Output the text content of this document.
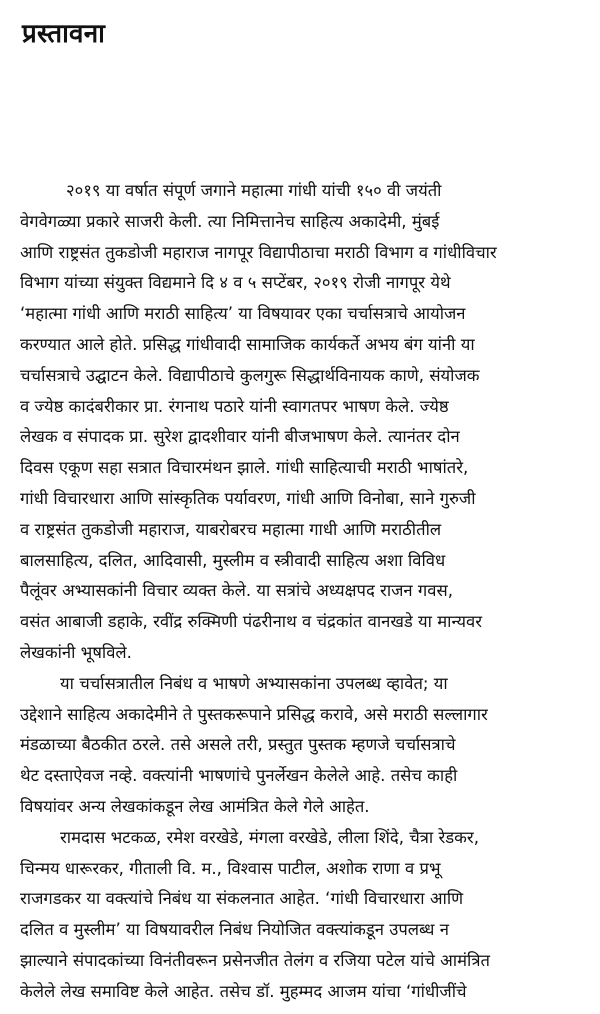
प्रस्तावना
२०१९ या वर्षात संपूर्ण जगाने महात्मा गांधी यांची १५० वी जयंती
वेगवेगळ्या प्रकारे साजरी केली. त्या निमित्तानेच साहित्य अकादेमी, मुंबई
आणि राष्ट्रसंत तुकडोजी महाराज नागपूर विद्यापीठाचा मराठी विभाग व गांधीविचार
विभाग यांच्या संयुक्त विद्यमाने दि ४ व ५ सप्टेंबर, २०१९ रोजी नागपूर येथे
‘महात्मा गांधी आणि मराठी साहित्य’ या विषयावर एका चर्चासत्राचे आयोजन
करण्यात आले होते. प्रसिद्ध गांधीवादी सामाजिक कार्यकर्ते अभय बंग यांनी या
चर्चासत्राचे उद्घाटन केले. विद्यापीठाचे कुलगुरू सिद्धार्थविनायक काणे, संयोजक
व ज्येष्ठ कादंबरीकार प्रा. रंगनाथ पठारे यांनी स्वागतपर भाषण केले. ज्येष्ठ
लेखक व संपादक प्रा. सुरेश द्वादशीवार यांनी बीजभाषण केले. त्यानंतर दोन
दिवस एकूण सहा सत्रात विचारमंथन झाले. गांधी साहित्याची मराठी भाषांतरे,
गांधी विचारधारा आणि सांस्कृतिक पर्यावरण, गांधी आणि विनोबा, साने गुरुजी
व राष्ट्रसंत तुकडोजी महाराज, याबरोबरच महात्मा गाधी आणि मराठीतील
बालसाहित्य, दलित, आदिवासी, मुस्लीम व स्त्रीवादी साहित्य अशा विविध
पैलूंवर अभ्यासकांनी विचार व्यक्त केले. या सत्रांचे अध्यक्षपद राजन गवस,
वसंत आबाजी डहाके, रवींद्र रुक्मिणी पंढरीनाथ व चंद्रकांत वानखडे या मान्यवर
लेखकांनी भूषविले.
या चर्चासत्रातील निबंध व भाषणे अभ्यासकांना उपलब्ध व्हावेत; या
उद्देशाने साहित्य अकादेमीने ते पुस्तकरूपाने प्रसिद्ध करावे, असे मराठी सल्लागार
मंडळाच्या बैठकीत ठरले. तसे असले तरी, प्रस्तुत पुस्तक म्हणजे चर्चासत्राचे
थेट दस्ताऐवज नव्हे. वक्त्यांनी भाषणांचे पुनर्लेखन केलेले आहे. तसेच काही
विषयांवर अन्य लेखकांकडून लेख आमंत्रित केले गेले आहेत.
रामदास भटकळ, रमेश वरखेडे, मंगला वरखेडे, लीला शिंदे, चैत्रा रेडकर,
चिन्मय धारूरकर, गीताली वि. म., विश्वास पाटील, अशोक राणा व प्रभू
राजगडकर या वक्त्यांचे निबंध या संकलनात आहेत. ‘गांधी विचारधारा आणि
दलित व मुस्लीम’ या विषयावरील निबंध नियोजित वक्त्यांकडून उपलब्ध न
झाल्याने संपादकांच्या विनंतीवरून प्रसेनजीत तेलंग व रजिया पटेल यांचे आमंत्रित
केलेले लेख समाविष्ट केले आहेत. तसेच डॉ. मुहम्मद आजम यांचा ‘गांधीजींचे
